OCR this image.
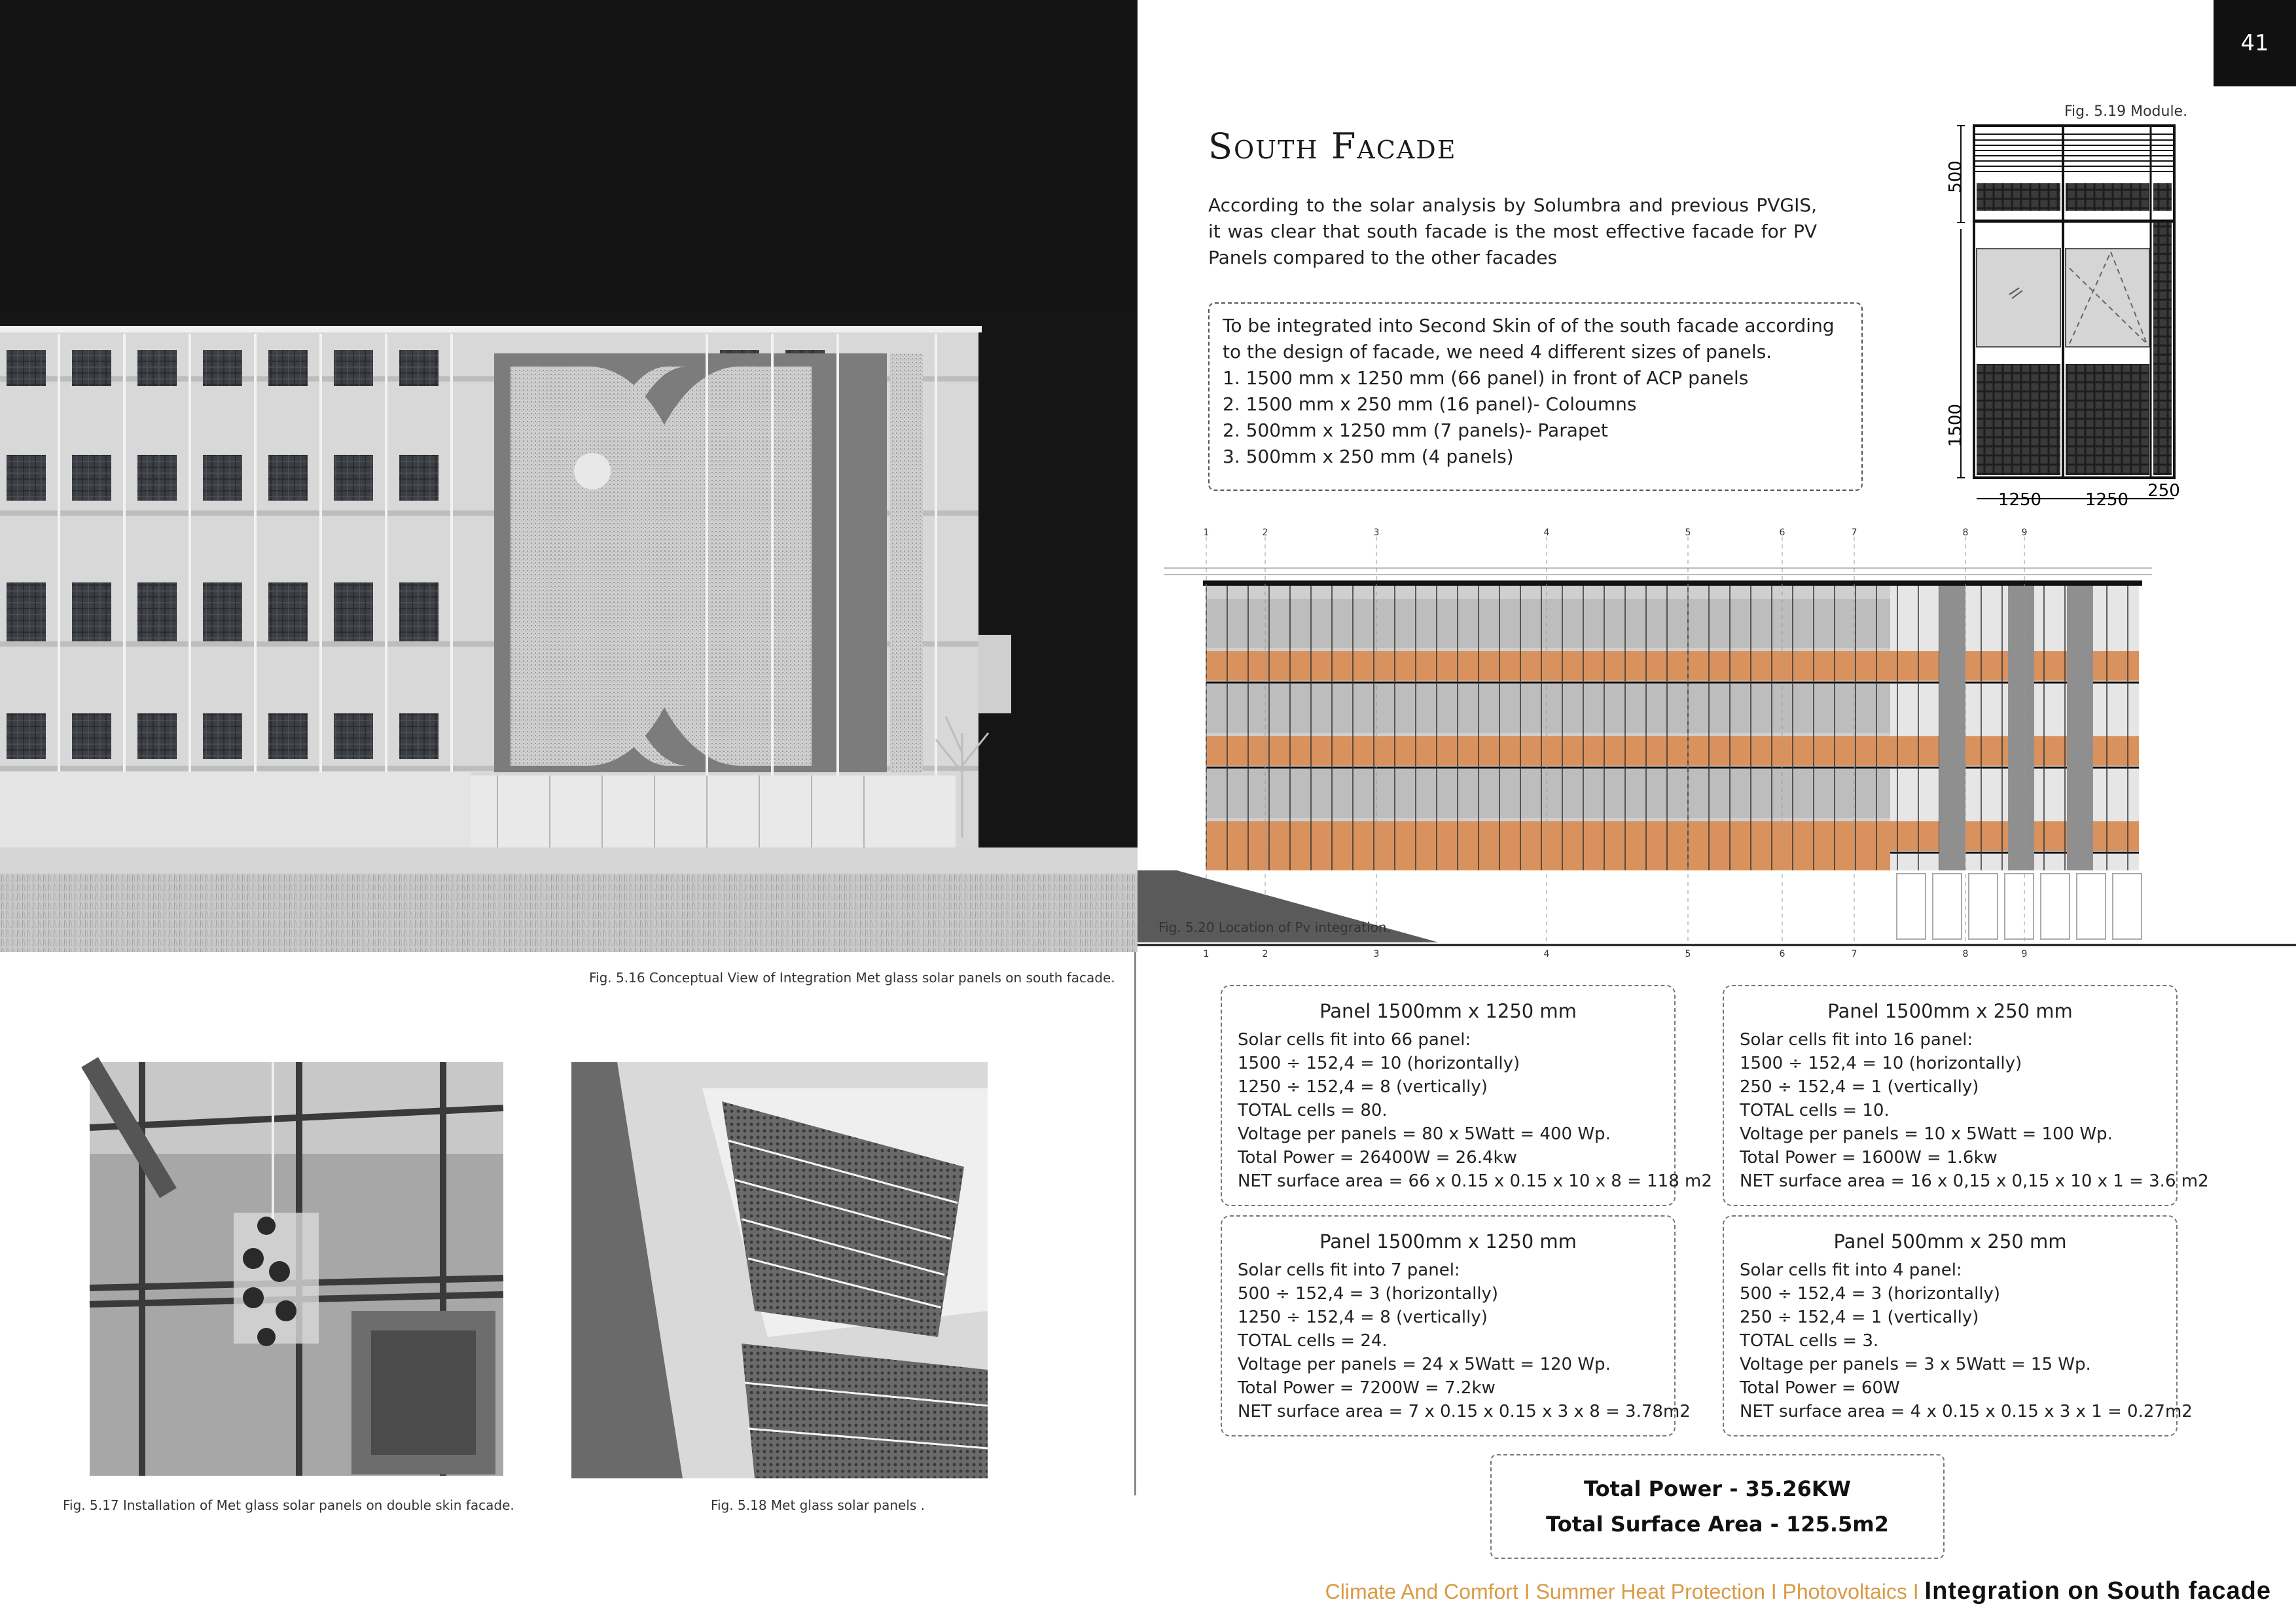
Fig. 5.16 Conceptual View of Integration Met glass solar panels on south facade.
Fig. 5.17 Installation of Met glass solar panels on double skin facade.	Fig. 5.18 Met glass solar panels .
41
Fig. 5.19 Module.
South Facade
According to the solar analysis by Solumbra and previous PVGIS, it was clear that south facade is the most effective facade for PV Panels compared to the other facades
To be integrated into Second Skin of of the south facade according
to the design of facade, we need 4 different sizes of panels.
1. 1500 mm x 1250 mm (66 panel) in front of ACP panels
2. 1500 mm x 250 mm (16 panel)- Coloumns
2. 500mm x 1250 mm (7 panels)- Parapet
3. 500mm x 250 mm (4 panels)
500
1500
1250	1250 250
1
1
2
2
3
3
4
4
5
5
6
6
7
7
8
8
9
9
Fig. 5.20 Location of Pv integration.
Panel 1500mm x 1250 mm
Solar cells fit into 66 panel:
1500 ÷ 152,4 = 10 (horizontally)
1250 ÷ 152,4 = 8 (vertically)
TOTAL cells = 80.
Voltage per panels = 80 x 5Watt = 400 Wp.
Total Power = 26400W = 26.4kw
NET surface area = 66 x 0.15 x 0.15 x 10 x 8 = 118 m2
Panel 1500mm x 250 mm
Solar cells fit into 16 panel:
1500 ÷ 152,4 = 10 (horizontally)
250 ÷ 152,4 = 1 (vertically)
TOTAL cells = 10.
Voltage per panels = 10 x 5Watt = 100 Wp.
Total Power = 1600W = 1.6kw
NET surface area = 16 x 0,15 x 0,15 x 10 x 1 = 3.6 m2
Panel 1500mm x 1250 mm
Solar cells fit into 7 panel:
500 ÷ 152,4 = 3 (horizontally)
1250 ÷ 152,4 = 8 (vertically)
TOTAL cells = 24.
Voltage per panels = 24 x 5Watt = 120 Wp.
Total Power = 7200W = 7.2kw
NET surface area = 7 x 0.15 x 0.15 x 3 x 8 = 3.78m2
Panel 500mm x 250 mm
Solar cells fit into 4 panel:
500 ÷ 152,4 = 3 (horizontally)
250 ÷ 152,4 = 1 (vertically)
TOTAL cells = 3.
Voltage per panels = 3 x 5Watt = 15 Wp.
Total Power = 60W
NET surface area = 4 x 0.15 x 0.15 x 3 x 1 = 0.27m2
Total Power - 35.26KW
Total Surface Area - 125.5m2
Climate And Comfort I Summer Heat Protection I Photovoltaics I Integration on South facade
